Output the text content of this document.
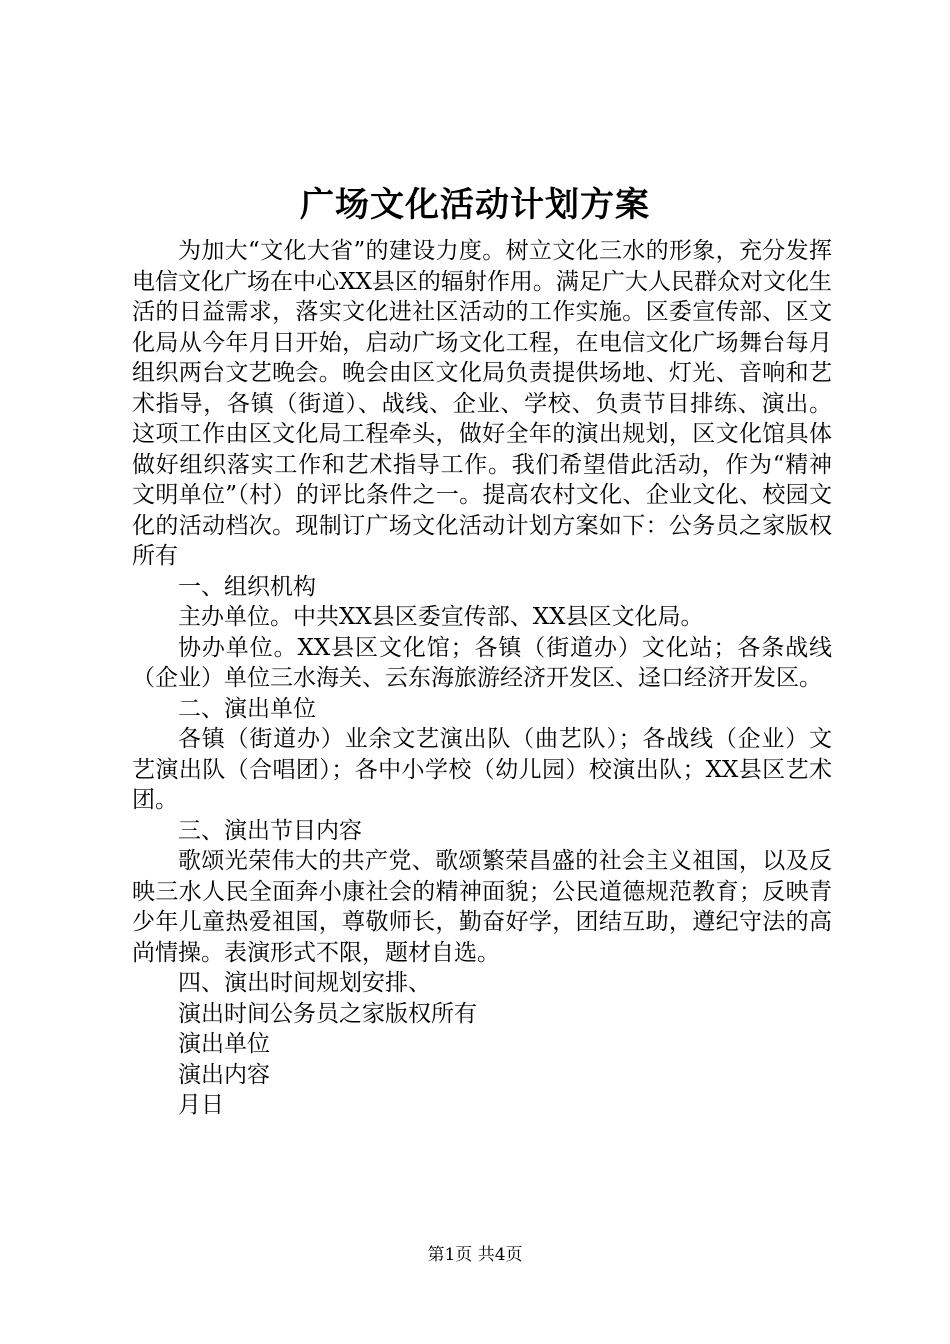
广场文化活动计划方案

为加大“文化大省”的建设力度。树立文化三水的形象，充分发挥电信文化广场在中心XX县区的辐射作用。满足广大人民群众对文化生活的日益需求，落实文化进社区活动的工作实施。区委宣传部、区文化局从今年月日开始，启动广场文化工程，在电信文化广场舞台每月组织两台文艺晚会。晚会由区文化局负责提供场地、灯光、音响和艺术指导，各镇（街道）、战线、企业、学校、负责节目排练、演出。这项工作由区文化局工程牵头，做好全年的演出规划，区文化馆具体做好组织落实工作和艺术指导工作。我们希望借此活动，作为“精神文明单位”（村）的评比条件之一。提高农村文化、企业文化、校园文化的活动档次。现制订广场文化活动计划方案如下：公务员之家版权所有

一、组织机构

主办单位。中共XX县区委宣传部、XX县区文化局。

协办单位。XX县区文化馆；各镇（街道办）文化站；各条战线（企业）单位三水海关、云东海旅游经济开发区、迳口经济开发区。

二、演出单位

各镇（街道办）业余文艺演出队（曲艺队）；各战线（企业）文艺演出队（合唱团）；各中小学校（幼儿园）校演出队；XX县区艺术团。

三、演出节目内容

歌颂光荣伟大的共产党、歌颂繁荣昌盛的社会主义祖国，以及反映三水人民全面奔小康社会的精神面貌；公民道德规范教育；反映青少年儿童热爱祖国，尊敬师长，勤奋好学，团结互助，遵纪守法的高尚情操。表演形式不限，题材自选。

四、演出时间规划安排、

演出时间公务员之家版权所有

演出单位

演出内容

月日

第1页 共4页
